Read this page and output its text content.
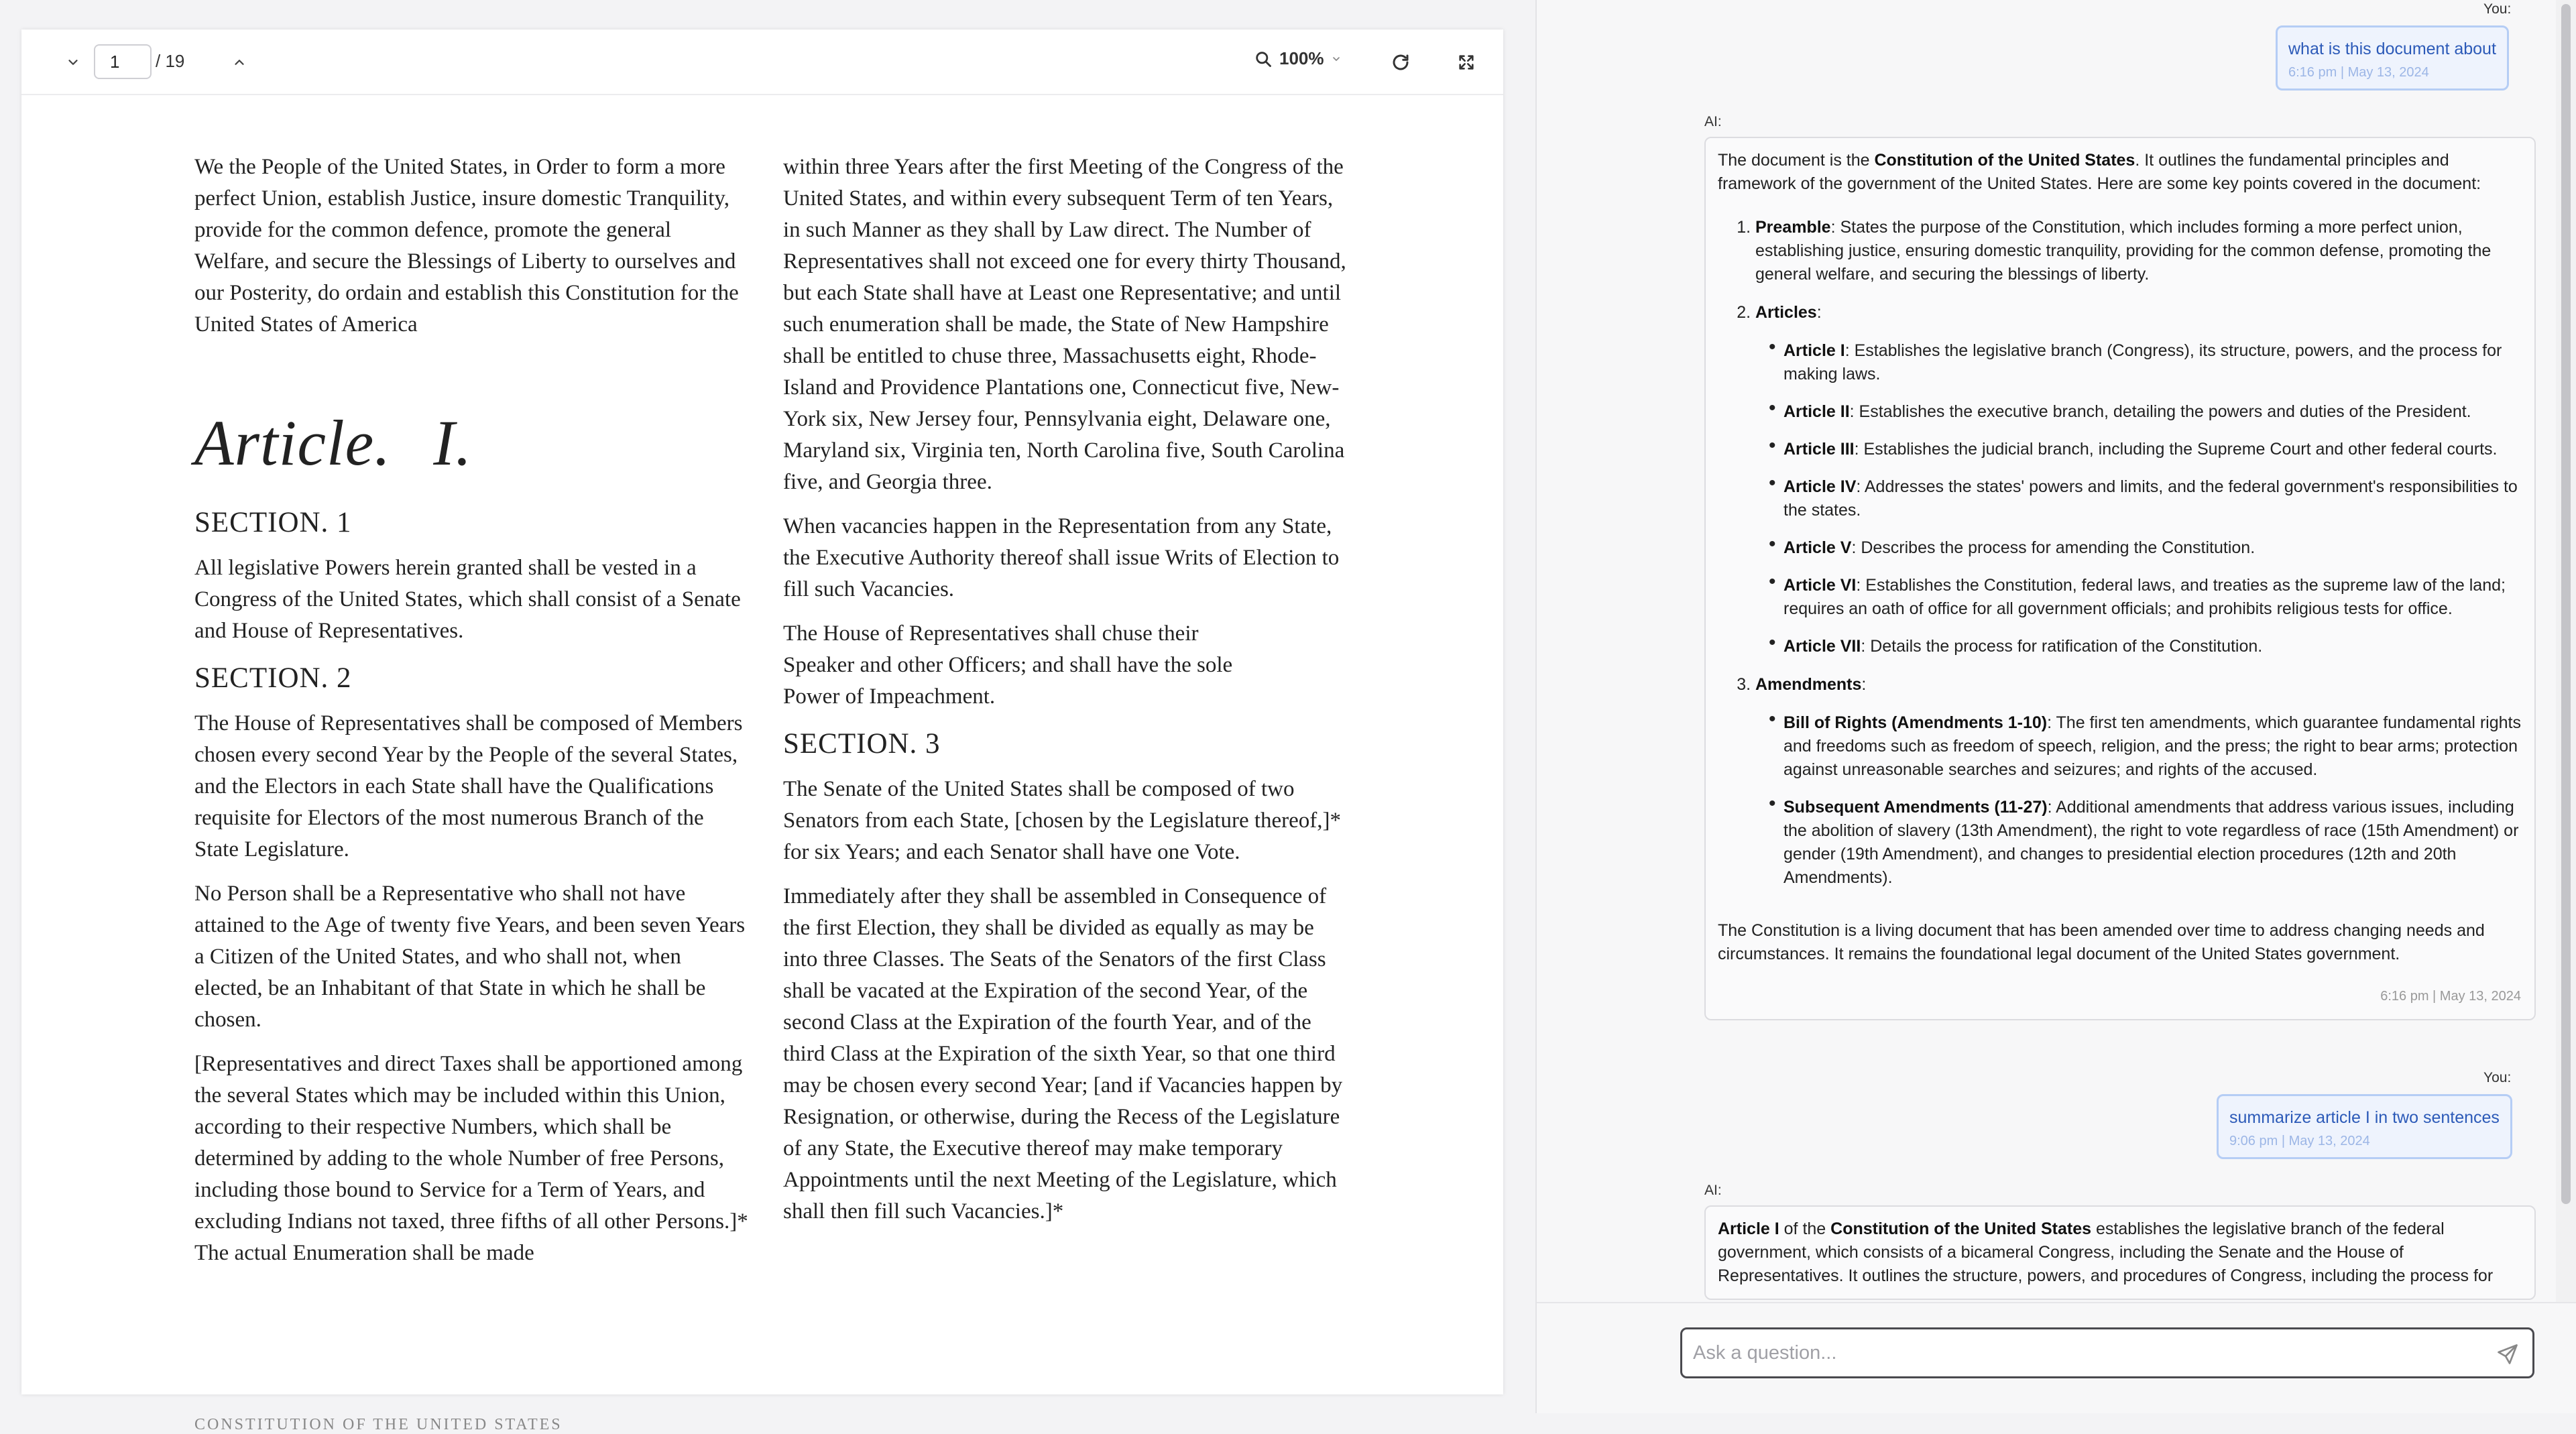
1
/ 19	100%

We the People of the United States, in Order to form a more perfect Union, establish Justice, insure domestic Tranquility, provide for the common defence, promote the general Welfare, and secure the Blessings of Liberty to ourselves and our Posterity, do ordain and establish this Constitution for the United States of America

Article. I.
SECTION. 1

All legislative Powers herein granted shall be vested in a Congress of the United States, which shall consist of a Senate and House of Representatives.

SECTION. 2

The House of Representatives shall be composed of Members chosen every second Year by the People of the several States, and the Electors in each State shall have the Qualifications requisite for Electors of the most numerous Branch of the State Legislature.

No Person shall be a Representative who shall not have attained to the Age of twenty five Years, and been seven Years a Citizen of the United States, and who shall not, when elected, be an Inhabitant of that State in which he shall be chosen.

[Representatives and direct Taxes shall be apportioned among the several States which may be included within this Union, according to their respective Numbers, which shall be determined by adding to the whole Number of free Persons, including those bound to Service for a Term of Years, and excluding Indians not taxed, three fifths of all other Persons.]* The actual Enumeration shall be made

within three Years after the first Meeting of the Congress of the United States, and within every subsequent Term of ten Years, in such Manner as they shall by Law direct. The Number of Representatives shall not exceed one for every thirty Thousand, but each State shall have at Least one Representative; and until such enumeration shall be made, the State of New Hampshire shall be entitled to chuse three, Massachusetts eight, Rhode-Island and Providence Plantations one, Connecticut five, New-York six, New Jersey four, Pennsylvania eight, Delaware one, Maryland six, Virginia ten, North Carolina five, South Carolina five, and Georgia three.

When vacancies happen in the Representation from any State, the Executive Authority thereof shall issue Writs of Election to fill such Vacancies.

The House of Representatives shall chuse their Speaker and other Officers; and shall have the sole Power of Impeachment.

SECTION. 3

The Senate of the United States shall be composed of two Senators from each State, [chosen by the Legislature thereof,]* for six Years; and each Senator shall have one Vote.

Immediately after they shall be assembled in Consequence of the first Election, they shall be divided as equally as may be into three Classes. The Seats of the Senators of the first Class shall be vacated at the Expiration of the second Year, of the second Class at the Expiration of the fourth Year, and of the third Class at the Expiration of the sixth Year, so that one third may be chosen every second Year; [and if Vacancies happen by Resignation, or otherwise, during the Recess of the Legislature of any State, the Executive thereof may make temporary Appointments until the next Meeting of the Legislature, which shall then fill such Vacancies.]*

CONSTITUTION OF THE UNITED STATES
You:
what is this document about
6:16 pm | May 13, 2024
AI:
The document is the Constitution of the United States. It outlines the fundamental principles and framework of the government of the United States. Here are some key points covered in the document:
1. Preamble: States the purpose of the Constitution, which includes forming a more perfect union, establishing justice, ensuring domestic tranquility, providing for the common defense, promoting the general welfare, and securing the blessings of liberty.
2. Articles:
• Article I: Establishes the legislative branch (Congress), its structure, powers, and the process for making laws.
• Article II: Establishes the executive branch, detailing the powers and duties of the President.
• Article III: Establishes the judicial branch, including the Supreme Court and other federal courts.
• Article IV: Addresses the states' powers and limits, and the federal government's responsibilities to the states.
• Article V: Describes the process for amending the Constitution.
• Article VI: Establishes the Constitution, federal laws, and treaties as the supreme law of the land; requires an oath of office for all government officials; and prohibits religious tests for office.
• Article VII: Details the process for ratification of the Constitution.
3. Amendments:
• Bill of Rights (Amendments 1-10): The first ten amendments, which guarantee fundamental rights and freedoms such as freedom of speech, religion, and the press; the right to bear arms; protection against unreasonable searches and seizures; and rights of the accused.
• Subsequent Amendments (11-27): Additional amendments that address various issues, including the abolition of slavery (13th Amendment), the right to vote regardless of race (15th Amendment) or gender (19th Amendment), and changes to presidential election procedures (12th and 20th Amendments).
The Constitution is a living document that has been amended over time to address changing needs and circumstances. It remains the foundational legal document of the United States government.
6:16 pm | May 13, 2024
You:
summarize article I in two sentences
9:06 pm | May 13, 2024
AI:
Article I of the Constitution of the United States establishes the legislative branch of the federal government, which consists of a bicameral Congress, including the Senate and the House of Representatives. It outlines the structure, powers, and procedures of Congress, including the process for
Ask a question...
